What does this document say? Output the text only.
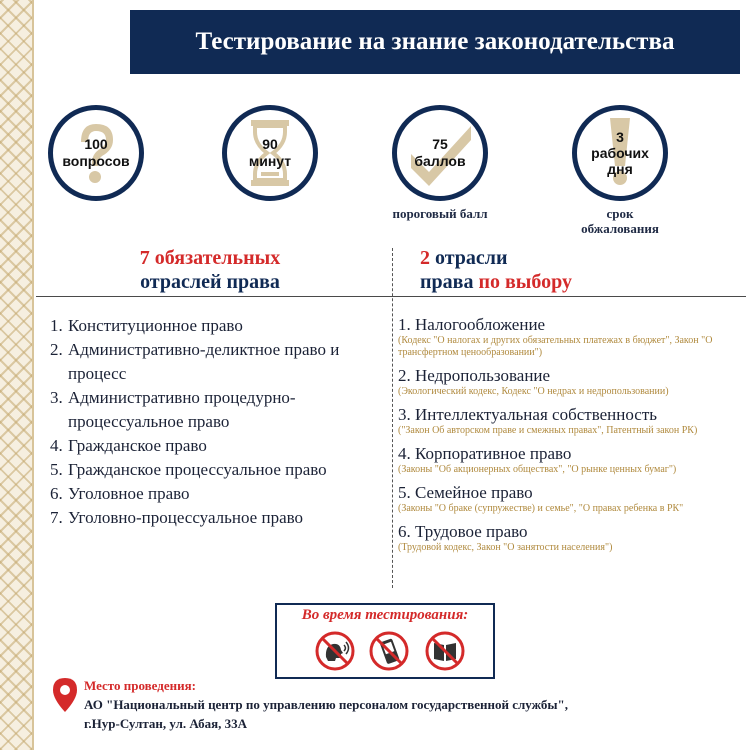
Тестирование на знание законодательства
100
вопросов
90
минут
75
баллов
пороговый балл
3
рабочих
дня
срок обжалования
7 обязательных
отраслей права
2 отрасли
права по выбору
1. Конституционное право
2. Административно-деликтное право и процесс
3. Административно процедурно-процессуальное право
4. Гражданское право
5. Гражданское процессуальное право
6. Уголовное право
7. Уголовно-процессуальное право
1. Налогообложение
(Кодекс "О налогах и других обязательных платежах в бюджет", Закон "О трансфертном ценообразовании")
2. Недропользование
(Экологический кодекс, Кодекс "О недрах и недропользовании)
3. Интеллектуальная собственность
("Закон Об авторском праве и смежных правах", Патентный закон РК)
4. Корпоративное право
(Законы "Об акционерных обществах", "О рынке ценных бумаг")
5. Семейное право
(Законы "О браке (супружестве) и семье", "О правах ребенка в РК"
6. Трудовое право
(Трудовой кодекс, Закон "О занятости населения")
Во время тестирования:
Место проведения:
АО "Национальный центр по управлению персоналом государственной службы",
г.Нур-Султан, ул. Абая, 33А
